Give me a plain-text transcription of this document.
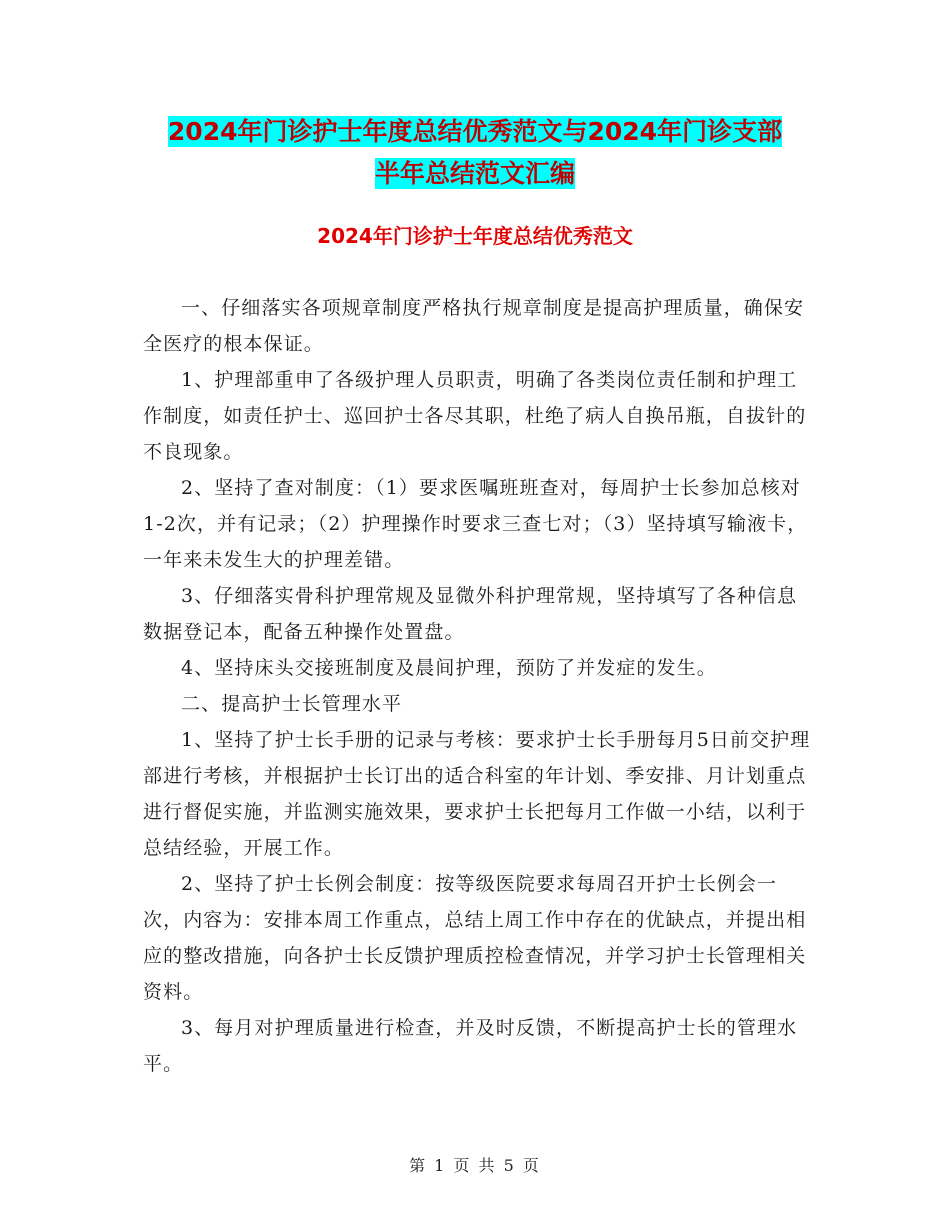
2024年门诊护士年度总结优秀范文与2024年门诊支部
半年总结范文汇编
2024年门诊护士年度总结优秀范文

一、仔细落实各项规章制度严格执行规章制度是提高护理质量，确保安全医疗的根本保证。

1、护理部重申了各级护理人员职责，明确了各类岗位责任制和护理工作制度，如责任护士、巡回护士各尽其职，杜绝了病人自换吊瓶，自拔针的不良现象。

2、坚持了查对制度：（1）要求医嘱班班查对，每周护士长参加总核对1-2次，并有记录；（2）护理操作时要求三查七对；（3）坚持填写输液卡，一年来未发生大的护理差错。

3、仔细落实骨科护理常规及显微外科护理常规，坚持填写了各种信息数据登记本，配备五种操作处置盘。

4、坚持床头交接班制度及晨间护理，预防了并发症的发生。

二、提高护士长管理水平

1、坚持了护士长手册的记录与考核：要求护士长手册每月5日前交护理部进行考核，并根据护士长订出的适合科室的年计划、季安排、月计划重点进行督促实施，并监测实施效果，要求护士长把每月工作做一小结，以利于总结经验，开展工作。

2、坚持了护士长例会制度：按等级医院要求每周召开护士长例会一次，内容为：安排本周工作重点，总结上周工作中存在的优缺点，并提出相应的整改措施，向各护士长反馈护理质控检查情况，并学习护士长管理相关资料。

3、每月对护理质量进行检查，并及时反馈，不断提高护士长的管理水平。

第 1 页 共 5 页
